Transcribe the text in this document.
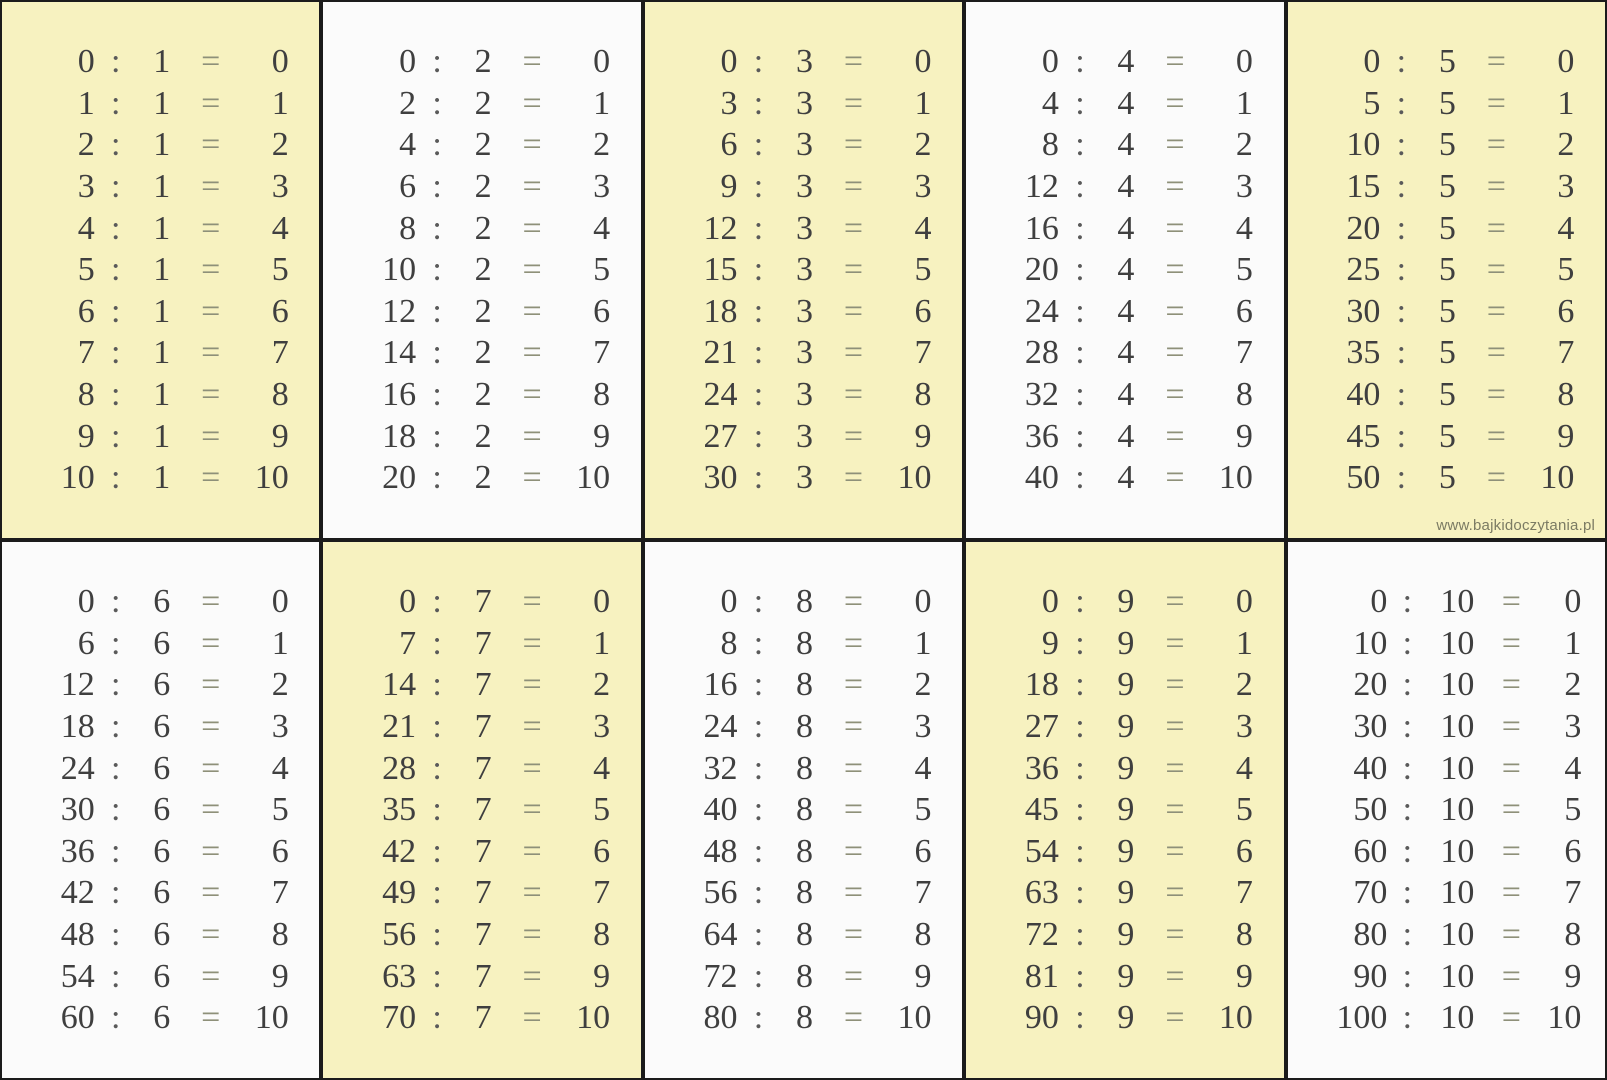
0 : 1 =	0
1 : 1 =	1
2 : 1 =	2
3 : 1 =	3
4 : 1 =	4
5 : 1 =	5
6 : 1 =	6
7 : 1 =	7
8 : 1 =	8
9 : 1 =	9
10 : 1 =	10
0 : 2 =	0
2 : 2 =	1
4 : 2 =	2
6 : 2 =	3
8 : 2 =	4
10 : 2 =	5
12 : 2 =	6
14 : 2 =	7
16 : 2 =	8
18 : 2 =	9
20 : 2 =	10
0 : 3 =	0
3 : 3 =	1
6 : 3 =	2
9 : 3 =	3
12 : 3 =	4
15 : 3 =	5
18 : 3 =	6
21 : 3 =	7
24 : 3 =	8
27 : 3 =	9
30 : 3 =	10
0 : 4 =	0
4 : 4 =	1
8 : 4 =	2
12 : 4 =	3
16 : 4 =	4
20 : 4 =	5
24 : 4 =	6
28 : 4 =	7
32 : 4 =	8
36 : 4 =	9
40 : 4 =	10
0 : 5 =	0
5 : 5 =	1
10 : 5 =	2
15 : 5 =	3
20 : 5 =	4
25 : 5 =	5
30 : 5 =	6
35 : 5 =	7
40 : 5 =	8
45 : 5 =	9
50 : 5 =	10
www.bajkidoczytania.pl
0 : 6 =	0
6 : 6 =	1
12 : 6 =	2
18 : 6 =	3
24 : 6 =	4
30 : 6 =	5
36 : 6 =	6
42 : 6 =	7
48 : 6 =	8
54 : 6 =	9
60 : 6 =	10
0 : 7 =	0
7 : 7 =	1
14 : 7 =	2
21 : 7 =	3
28 : 7 =	4
35 : 7 =	5
42 : 7 =	6
49 : 7 =	7
56 : 7 =	8
63 : 7 =	9
70 : 7 =	10
0 : 8 =	0
8 : 8 =	1
16 : 8 =	2
24 : 8 =	3
32 : 8 =	4
40 : 8 =	5
48 : 8 =	6
56 : 8 =	7
64 : 8 =	8
72 : 8 =	9
80 : 8 =	10
0 : 9 =	0
9 : 9 =	1
18 : 9 =	2
27 : 9 =	3
36 : 9 =	4
45 : 9 =	5
54 : 9 =	6
63 : 9 =	7
72 : 9 =	8
81 : 9 =	9
90 : 9 =	10
0 : 10 =	0
10 : 10 =	1
20 : 10 =	2
30 : 10 =	3
40 : 10 =	4
50 : 10 =	5
60 : 10 =	6
70 : 10 =	7
80 : 10 =	8
90 : 10 =	9
100 : 10 = 10
